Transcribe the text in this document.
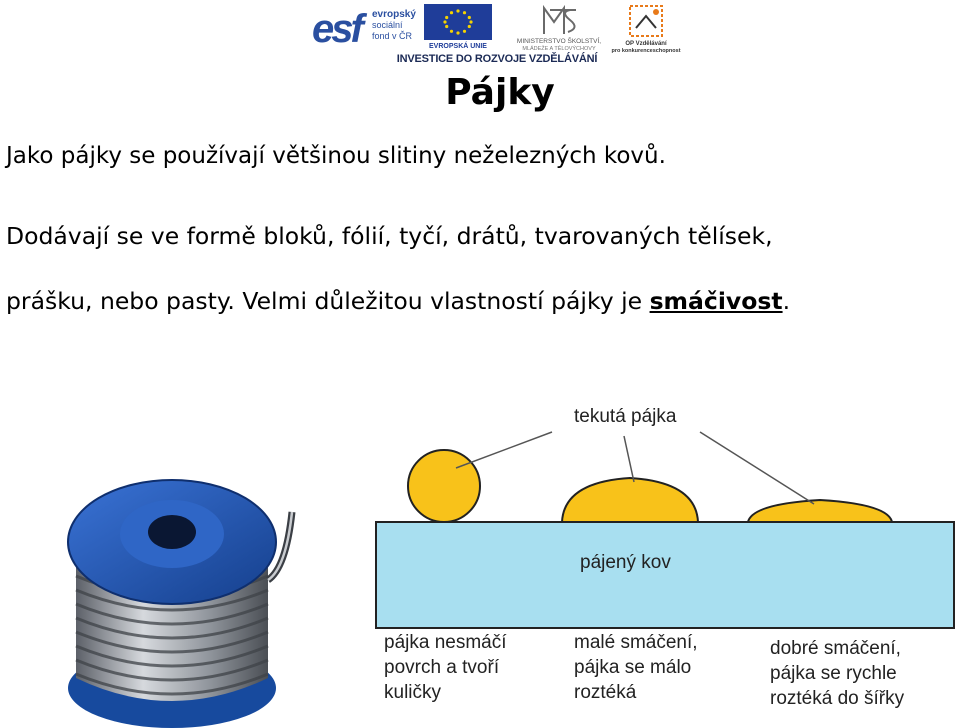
esf	evropský
sociální
fond v ČR
EVROPSKÁ UNIE
MINISTERSTVO ŠKOLSTVÍ,
MLÁDEŽE A TĚLOVÝCHOVY
OP Vzdělávání
pro konkurenceschopnost
INVESTICE DO ROZVOJE VZDĚLÁVÁNÍ
Pájky

Jako pájky se používají většinou slitiny neželezných kovů.

Dodávají se ve formě bloků, fólií, tyčí, drátů, tvarovaných tělísek,

prášku, nebo pasty. Velmi důležitou vlastností pájky je smáčivost.

tekutá pájka
pájený kov
pájka nesmáčí
povrch a tvoří
kuličky
malé smáčení,
pájka se málo
roztéká
dobré smáčení,
pájka se rychle
roztéká do šířky
